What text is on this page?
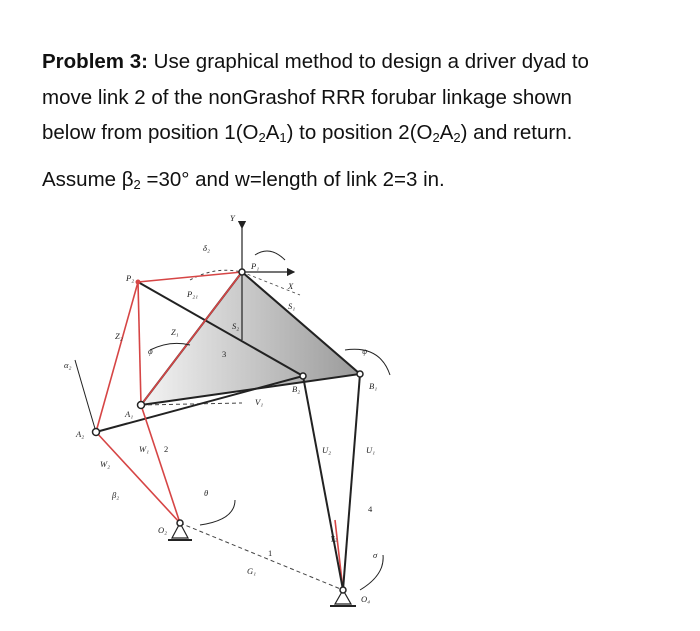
Problem 3: Use graphical method to design a driver dyad to
move link 2 of the nonGrashof RRR forubar linkage shown
below from position $1(O_2A_1)$ to position $2(O_2A_2)$ and return.
Assume $\beta_2 =30^\circ$ and w=length of link 2=3 in.
Y
X
δ₂
P₁
P₂
P₂₁
S₁
S₂
Z₂	Z₁
φ	3
α₂
A₁
A₂
V₁
B₂	B₁
ψ
W₁ 2
W₂
β₂	θ
O₂
U₂	U₁
4
γ₂
1
G₁
σ
O₄
